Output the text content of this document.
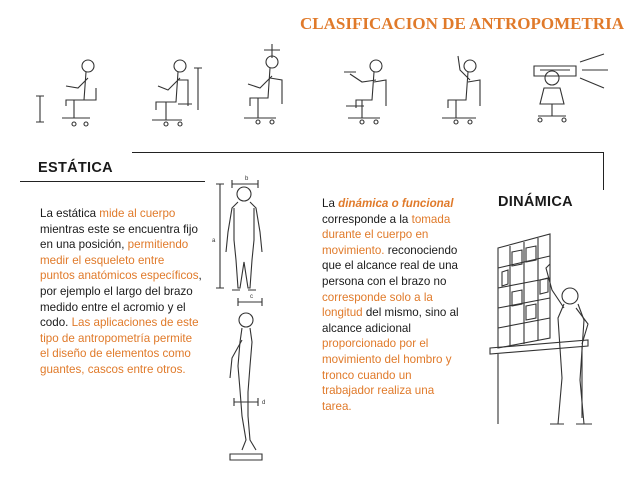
CLASIFICACION DE ANTROPOMETRIA
ESTÁTICA
La estática mide al cuerpo mientras este se encuentra fijo en una posición, permitiendo medir el esqueleto entre puntos anatómicos específicos, por ejemplo el largo del brazo medido entre el acromio y el codo. Las aplicaciones de este tipo de antropometría permite el diseño de elementos como guantes, cascos entre otros.
b
a
c
d
La dinámica o funcional corresponde a la tomada durante el cuerpo en movimiento. reconociendo que el alcance real de una persona con el brazo no corresponde solo a la longitud del mismo, sino al alcance adicional proporcionado por el movimiento del hombro y tronco cuando un trabajador realiza una tarea.
DINÁMICA
